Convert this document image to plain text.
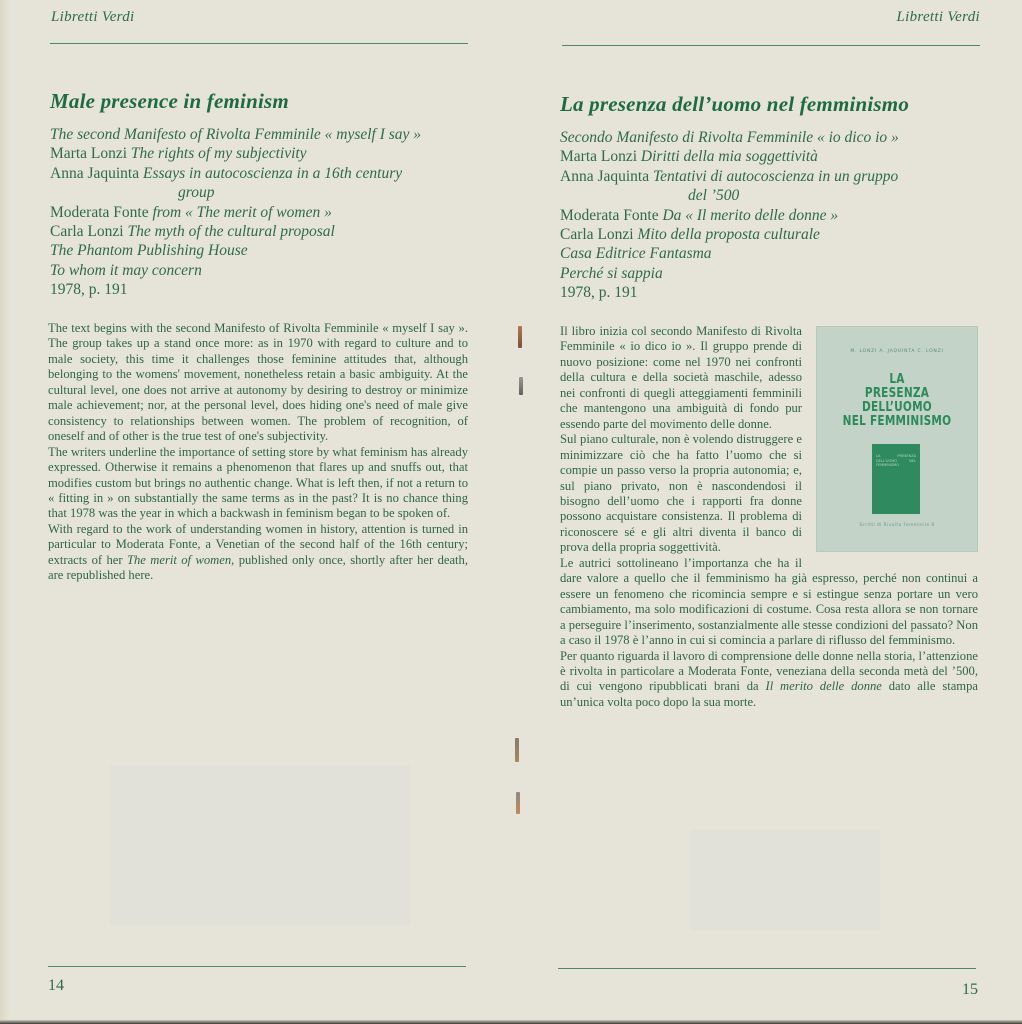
Libretti Verdi
Male presence in feminism
The second Manifesto of Rivolta Femminile « myself I say »
Marta Lonzi The rights of my subjectivity
Anna Jaquinta Essays in autocoscienza in a 16th century
group
Moderata Fonte from « The merit of women »
Carla Lonzi The myth of the cultural proposal
The Phantom Publishing House
To whom it may concern
1978, p. 191

The text begins with the second Manifesto of Rivolta Femminile « myself I say ». The group takes up a stand once more: as in 1970 with regard to culture and to male society, this time it challenges those feminine attitudes that, although belonging to the womens' movement, nonetheless retain a basic ambiguity. At the cultural level, one does not arrive at autonomy by desiring to destroy or minimize male achievement; nor, at the personal level, does hiding one's need of male give consistency to relationships between women. The problem of recognition, of oneself and of other is the true test of one's subjectivity.

The writers underline the importance of setting store by what feminism has already expressed. Otherwise it remains a phenomenon that flares up and snuffs out, that modifies custom but brings no authentic change. What is left then, if not a return to « fitting in » on substantially the same terms as in the past? It is no chance thing that 1978 was the year in which a backwash in feminism began to be spoken of.

With regard to the work of understanding women in history, attention is turned in particular to Moderata Fonte, a Venetian of the second half of the 16th century; extracts of her The merit of women, published only once, shortly after her death, are republished here.

14
Libretti Verdi
La presenza dell’uomo nel femminismo
Secondo Manifesto di Rivolta Femminile « io dico io »
Marta Lonzi Diritti della mia soggettività
Anna Jaquinta Tentativi di autocoscienza in un gruppo
del ’500
Moderata Fonte Da « Il merito delle donne »
Carla Lonzi Mito della proposta culturale
Casa Editrice Fantasma
Perché si sappia
1978, p. 191
M. LONZI A. JAQUINTA C. LONZI
LA
PRESENZA DELL’UOMO
NEL FEMMINISMO
LA PRESENZA DELL’UOMO NEL FEMMINISMO
Scritti di Rivolta Femminile 8

Il libro inizia col secondo Manifesto di Rivolta Femminile « io dico io ». Il gruppo prende di nuovo posizione: come nel 1970 nei confronti della cultura e della società maschile, adesso nei confronti di quegli atteggiamenti femminili che mantengono una ambiguità di fondo pur essendo parte del movimento delle donne.

Sul piano culturale, non è volendo distruggere e minimizzare ciò che ha fatto l’uomo che si compie un passo verso la propria autonomia; e, sul piano privato, non è nascondendosi il bisogno dell’uomo che i rapporti fra donne possono acquistare consistenza. Il problema di riconoscere sé e gli altri diventa il banco di prova della propria soggettività.

Le autrici sottolineano l’importanza che ha il dare valore a quello che il femminismo ha già espresso, perché non continui a essere un fenomeno che ricomincia sempre e si estingue senza portare un vero cambiamento, ma solo modificazioni di costume. Cosa resta allora se non tornare a perseguire l’inserimento, sostanzialmente alle stesse condizioni del passato? Non a caso il 1978 è l’anno in cui si comincia a parlare di riflusso del femminismo.

Per quanto riguarda il lavoro di comprensione delle donne nella storia, l’attenzione è rivolta in particolare a Moderata Fonte, veneziana della seconda metà del ’500, di cui vengono ripubblicati brani da Il merito delle donne dato alle stampa un’unica volta poco dopo la sua morte.

15
